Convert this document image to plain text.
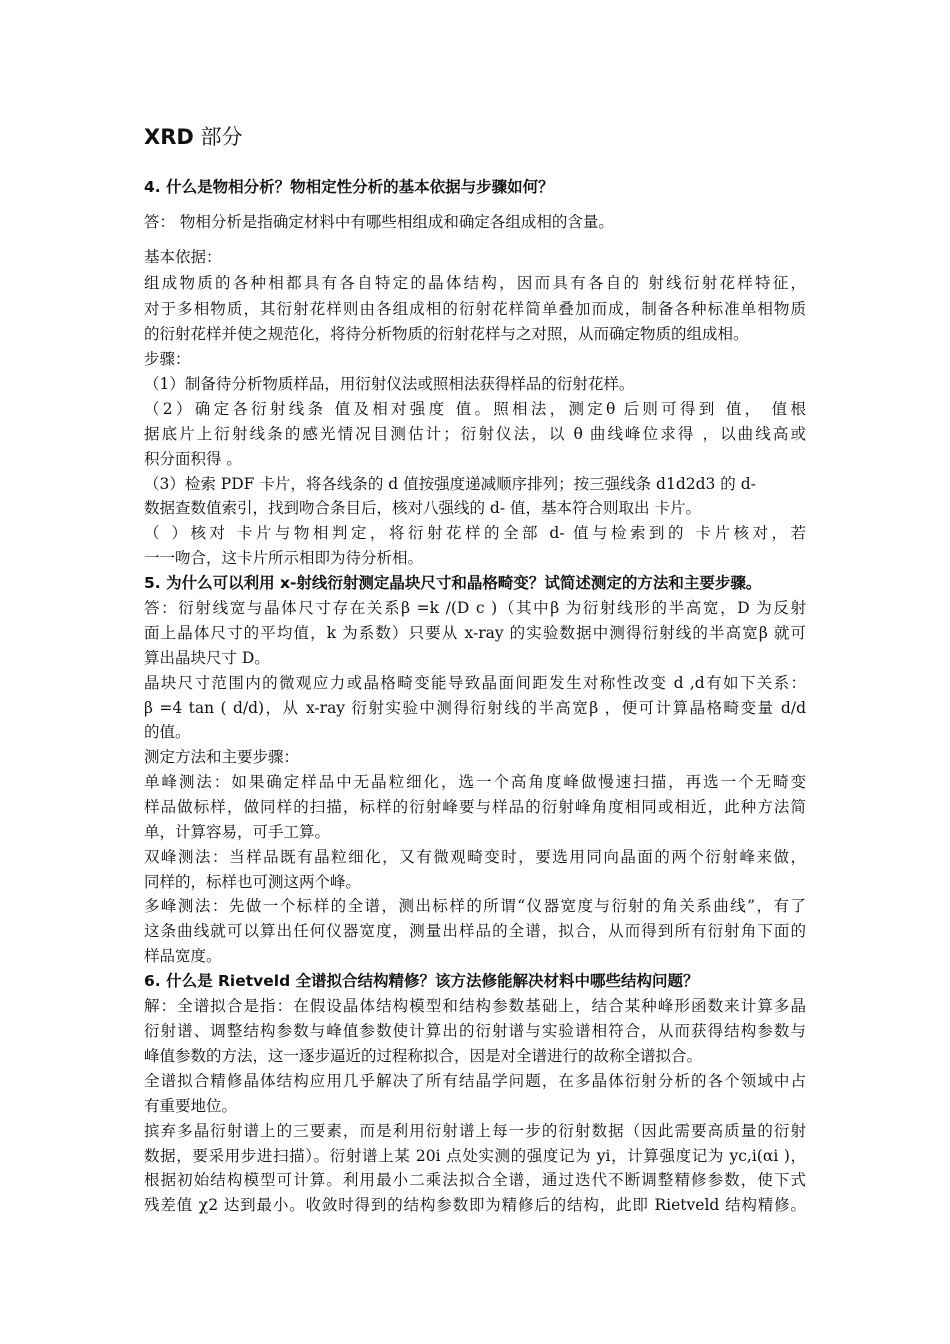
XRD 部分
4. 什么是物相分析？物相定性分析的基本依据与步骤如何？
答： 物相分析是指确定材料中有哪些相组成和确定各组成相的含量。
基本依据：
组成物质的各种相都具有各自特定的晶体结构，因而具有各自的 射线衍射花样特征，
对于多相物质，其衍射花样则由各组成相的衍射花样简单叠加而成，制备各种标准单相物质
的衍射花样并使之规范化，将待分析物质的衍射花样与之对照，从而确定物质的组成相。
步骤：
（1）制备待分析物质样品，用衍射仪法或照相法获得样品的衍射花样。
（2）确定各衍射线条 值及相对强度 值。照相法，测定θ 后则可得到 值， 值根
据底片上衍射线条的感光情况目测估计；衍射仪法，以 θ 曲线峰位求得 ，以曲线高或
积分面积得 。
（3）检索 PDF 卡片，将各线条的 d 值按强度递减顺序排列；按三强线条 d1d2d3 的 d-
数据查数值索引，找到吻合条目后，核对八强线的 d- 值，基本符合则取出 卡片。
（ ）核对 卡片与物相判定，将衍射花样的全部 d- 值与检索到的 卡片核对，若
一一吻合，这卡片所示相即为待分析相。
5. 为什么可以利用 x-射线衍射测定晶块尺寸和晶格畸变？试简述测定的方法和主要步骤。
答：衍射线宽与晶体尺寸存在关系β =k /(D c )（其中β 为衍射线形的半高宽，D 为反射
面上晶体尺寸的平均值，k 为系数）只要从 x-ray 的实验数据中测得衍射线的半高宽β 就可
算出晶块尺寸 D。
晶块尺寸范围内的微观应力或晶格畸变能导致晶面间距发生对称性改变 d ,d有如下关系：
β =4 tan ( d/d)，从 x-ray 衍射实验中测得衍射线的半高宽β ，便可计算晶格畸变量 d/d
的值。
测定方法和主要步骤：
单峰测法：如果确定样品中无晶粒细化，选一个高角度峰做慢速扫描，再选一个无畸变
样品做标样，做同样的扫描，标样的衍射峰要与样品的衍射峰角度相同或相近，此种方法简
单，计算容易，可手工算。
双峰测法：当样品既有晶粒细化，又有微观畸变时，要选用同向晶面的两个衍射峰来做，
同样的，标样也可测这两个峰。
多峰测法：先做一个标样的全谱，测出标样的所谓“仪器宽度与衍射的角关系曲线”，有了
这条曲线就可以算出任何仪器宽度，测量出样品的全谱，拟合，从而得到所有衍射角下面的
样品宽度。
6. 什么是 Rietveld 全谱拟合结构精修？该方法修能解决材料中哪些结构问题？
解：全谱拟合是指：在假设晶体结构模型和结构参数基础上，结合某种峰形函数来计算多晶
衍射谱、调整结构参数与峰值参数使计算出的衍射谱与实验谱相符合，从而获得结构参数与
峰值参数的方法，这一逐步逼近的过程称拟合，因是对全谱进行的故称全谱拟合。
全谱拟合精修晶体结构应用几乎解决了所有结晶学问题，在多晶体衍射分析的各个领域中占
有重要地位。
摈弃多晶衍射谱上的三要素，而是利用衍射谱上每一步的衍射数据（因此需要高质量的衍射
数据，要采用步进扫描）。衍射谱上某 20i 点处实测的强度记为 yi，计算强度记为 yc,i(αi )，
根据初始结构模型可计算。利用最小二乘法拟合全谱，通过迭代不断调整精修参数，使下式
残差值 χ2 达到最小。收敛时得到的结构参数即为精修后的结构，此即 Rietveld 结构精修。
